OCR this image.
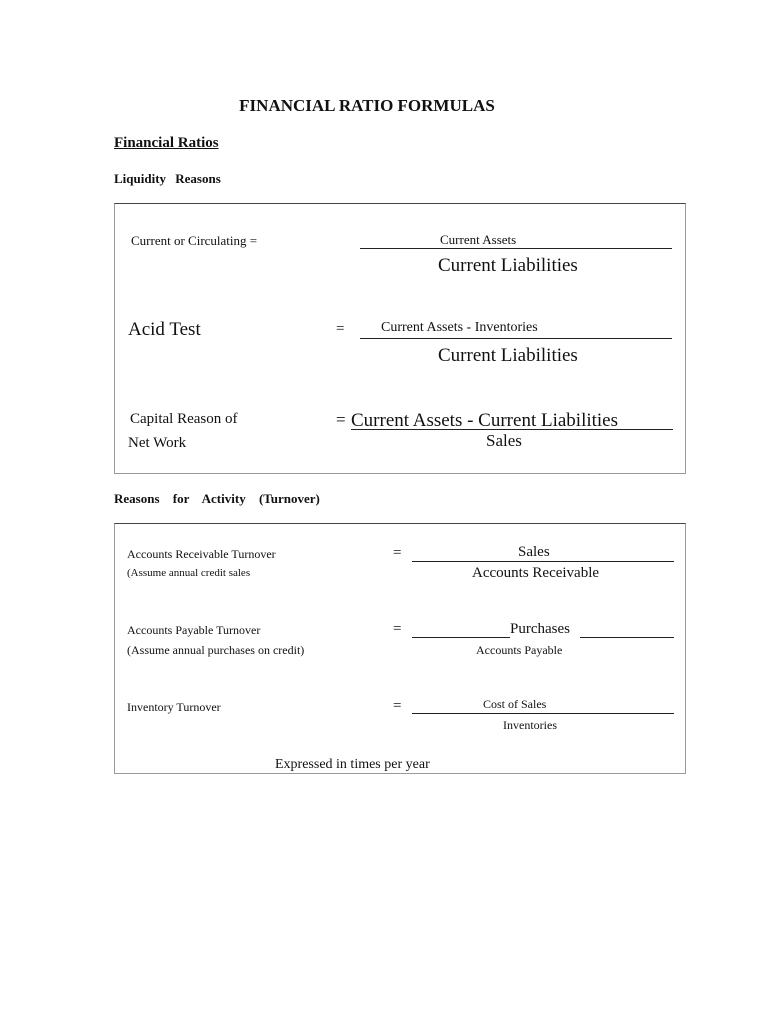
FINANCIAL RATIO FORMULAS
Financial Ratios
Liquidity Reasons
Current or Circulating =	Current Assets
Current Liabilities
Acid Test	=	Current Assets - Inventories
Current Liabilities
Capital Reason of
Net Work
= Current Assets - Current Liabilities
Sales
Reasons for Activity (Turnover)
Accounts Receivable Turnover
(Assume annual credit sales
=	Sales
Accounts Receivable
Accounts Payable Turnover
(Assume annual purchases on credit)
=	Purchases
Accounts Payable
Inventory Turnover	=	Cost of Sales
Inventories
Expressed in times per year
